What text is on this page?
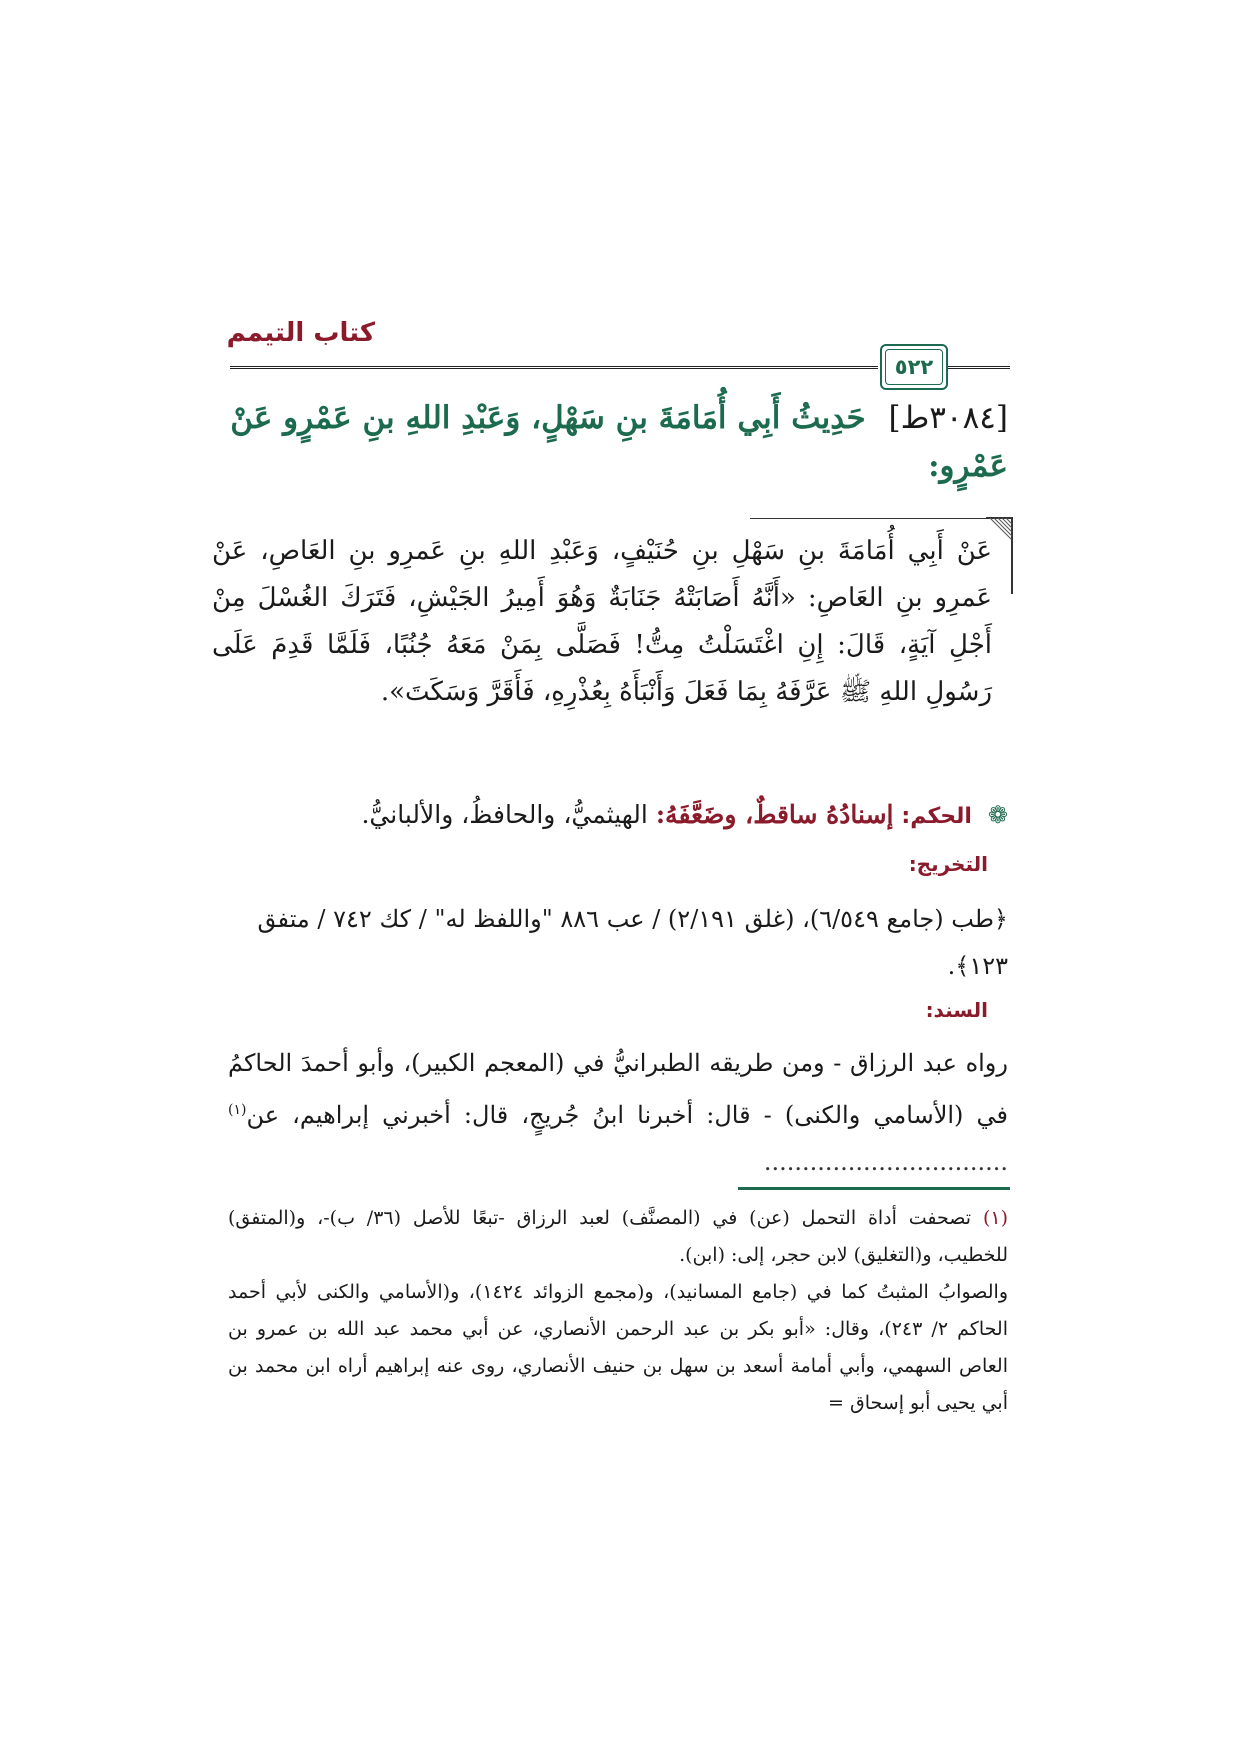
كتاب التيمم
٥٢٢
[٣٠٨٤ط] حَدِيثُ أَبِي أُمَامَةَ بنِ سَهْلٍ، وَعَبْدِ اللهِ بنِ عَمْرٍو عَنْ عَمْرٍو:
عَنْ أَبِي أُمَامَةَ بنِ سَهْلِ بنِ حُنَيْفٍ، وَعَبْدِ اللهِ بنِ عَمرِو بنِ العَاصِ، عَنْ عَمرِو بنِ العَاصِ: «أَنَّهُ أَصَابَتْهُ جَنَابَةٌ وَهُوَ أَمِيرُ الجَيْشِ، فَتَرَكَ الغُسْلَ مِنْ أَجْلِ آيَةٍ، قَالَ: إِنِ اغْتَسَلْتُ مِتُّ! فَصَلَّى بِمَنْ مَعَهُ جُنُبًا، فَلَمَّا قَدِمَ عَلَى رَسُولِ اللهِ ﷺ عَرَّفَهُ بِمَا فَعَلَ وَأَنْبَأَهُ بِعُذْرِهِ، فَأَقَرَّ وَسَكَتَ».
❁ الحكم: إسنادُهُ ساقطٌ، وضَعَّفَهُ: الهيثميُّ، والحافظُ، والألبانيُّ.
التخريج:
﴿طب (جامع ٦/٥٤٩)، (غلق ٢/١٩١) / عب ٨٨٦ "واللفظ له" / كك ٧٤٢ / متفق ١٢٣﴾.
السند:
رواه عبد الرزاق - ومن طريقه الطبرانيُّ في (المعجم الكبير)، وأبو أحمدَ الحاكمُ في (الأسامي والكنى) - قال: أخبرنا ابنُ جُريجٍ، قال: أخبرني إبراهيم، عن$^{(١)}$ ................................

(١) تصحفت أداة التحمل (عن) في (المصنَّف) لعبد الرزاق -تبعًا للأصل (٣٦/ ب)-، و(المتفق) للخطيب، و(التغليق) لابن حجر، إلى: (ابن).

والصوابُ المثبتُ كما في (جامع المسانيد)، و(مجمع الزوائد ١٤٢٤)، و(الأسامي والكنى لأبي أحمد الحاكم ٢/ ٢٤٣)، وقال: «أبو بكر بن عبد الرحمن الأنصاري، عن أبي محمد عبد الله بن عمرو بن العاص السهمي، وأبي أمامة أسعد بن سهل بن حنيف الأنصاري، روى عنه إبراهيم أراه ابن محمد بن أبي يحيى أبو إسحاق =
